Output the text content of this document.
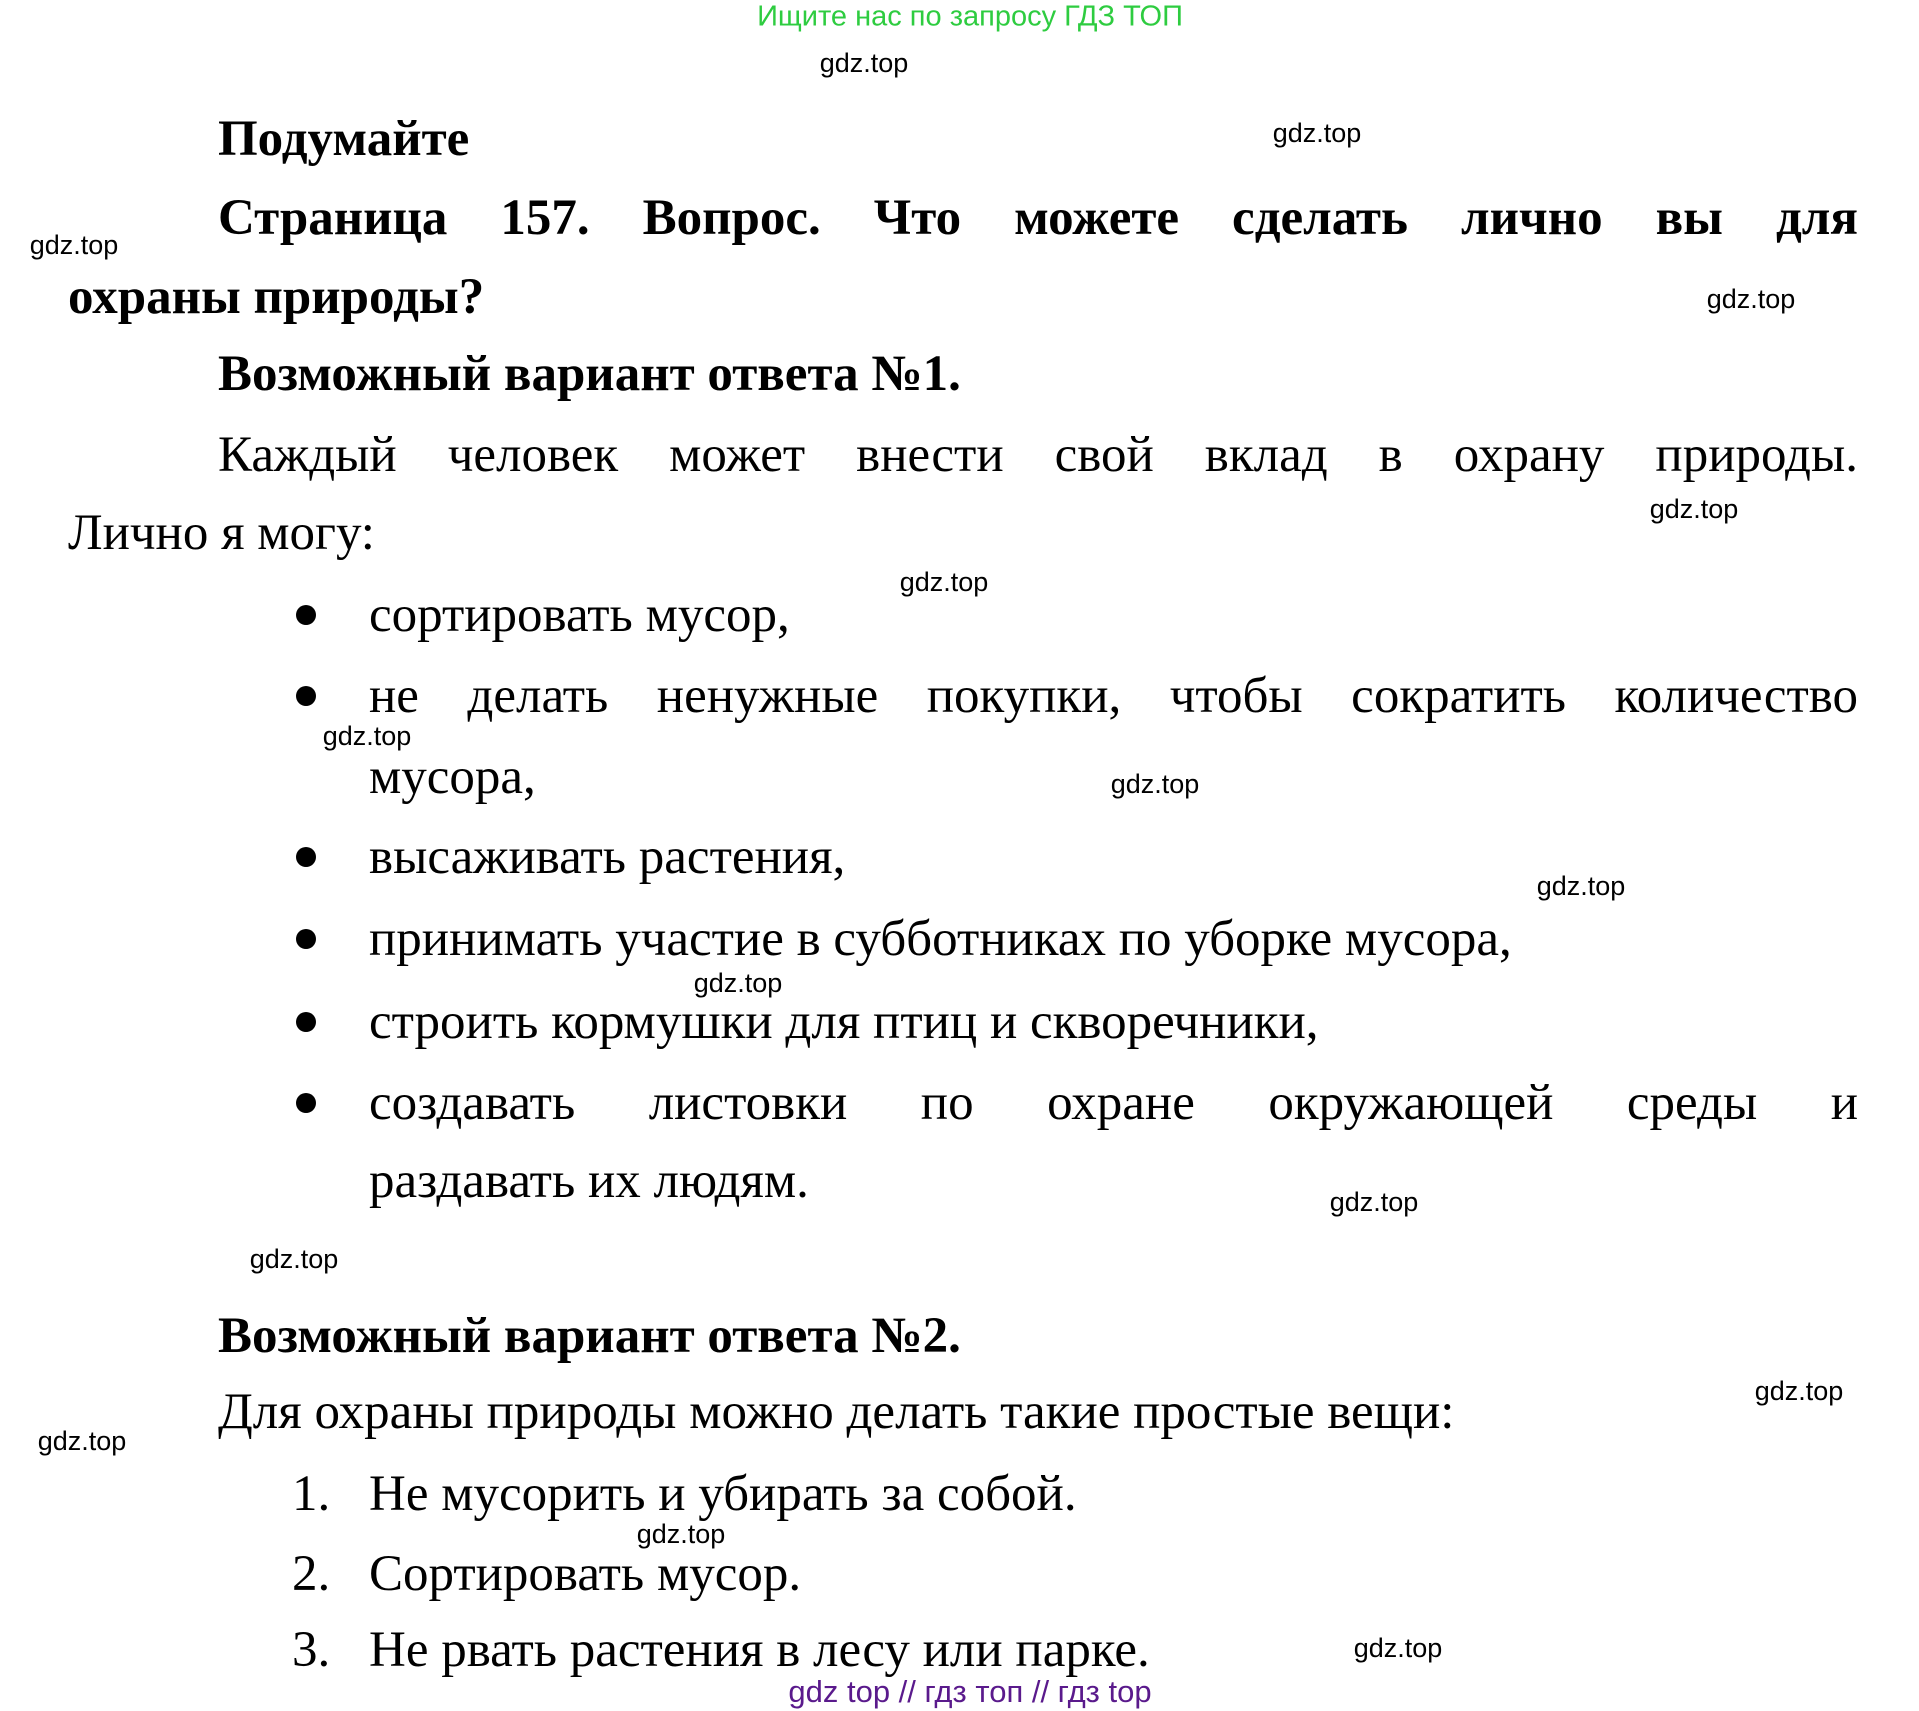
Ищите нас по запросу ГДЗ ТОП
Подумайте
Страница 157. Вопрос. Что можете сделать лично вы для
охраны природы?
Возможный вариант ответа №1.
Каждый человек может внести свой вклад в охрану природы.
Лично я могу:
сортировать мусор,
не делать ненужные покупки, чтобы сократить количество
мусора,
высаживать растения,
принимать участие в субботниках по уборке мусора,
строить кормушки для птиц и скворечники,
создавать листовки по охране окружающей среды и
раздавать их людям.
Возможный вариант ответа №2.
Для охраны природы можно делать такие простые вещи:
1. Не мусорить и убирать за собой.
2. Сортировать мусор.
3. Не рвать растения в лесу или парке.
gdz.top
gdz.top
gdz.top
gdz.top
gdz.top
gdz.top
gdz.top
gdz.top
gdz.top
gdz.top
gdz.top
gdz.top
gdz.top
gdz.top
gdz.top
gdz.top
gdz top // гдз топ // гдз top
